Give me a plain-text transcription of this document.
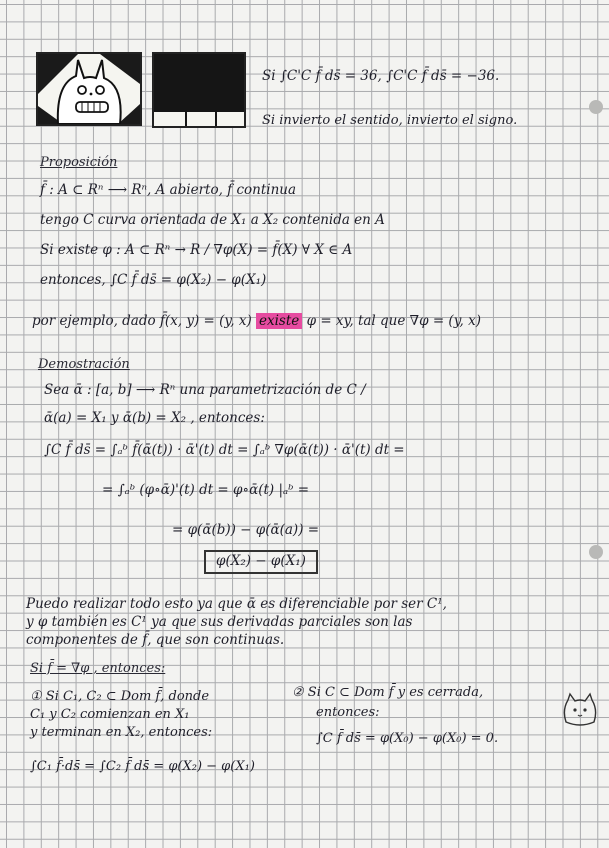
Si ∫C'C f̄ ds̄ = 36, ∫C'C f̄ ds̄ = −36.
Si invierto el sentido, invierto el signo.
Proposición
f̄ : A ⊂ Rⁿ ⟶ Rⁿ, A abierto, f̄ continua
tengo C curva orientada de X₁ a X₂ contenida en A
Si existe φ : A ⊂ Rⁿ → R / ∇φ(X) = f̄(X) ∀ X ∈ A
entonces, ∫C f̄ ds̄ = φ(X₂) − φ(X₁)
por ejemplo, dado f̄(x, y) = (y, x) existe φ = xy, tal que ∇φ = (y, x)
Demostración
Sea ᾱ : [a, b] ⟶ Rⁿ una parametrización de C /
ᾱ(a) = X₁ y ᾱ(b) = X₂ , entonces:
∫C f̄ ds̄ = ∫ₐᵇ f̄(ᾱ(t)) · ᾱ'(t) dt = ∫ₐᵇ ∇φ(ᾱ(t)) · ᾱ'(t) dt =
= ∫ₐᵇ (φ∘ᾱ)'(t) dt = φ∘ᾱ(t) |ₐᵇ =
= φ(ᾱ(b)) − φ(ᾱ(a)) =
φ(X₂) − φ(X₁)
Puedo realizar todo esto ya que ᾱ es diferenciable por ser C¹,
y φ también es C¹ ya que sus derivadas parciales son las
componentes de f̄, que son continuas.
Si f̄ = ∇φ , entonces:
① Si C₁, C₂ ⊂ Dom f̄, donde
C₁ y C₂ comienzan en X₁
y terminan en X₂, entonces:
∫C₁ f̄·ds̄ = ∫C₂ f̄ ds̄ = φ(X₂) − φ(X₁)
② Si C ⊂ Dom f̄ y es cerrada,
entonces:
∫C f̄ ds̄ = φ(X₀) − φ(X₀) = 0.
